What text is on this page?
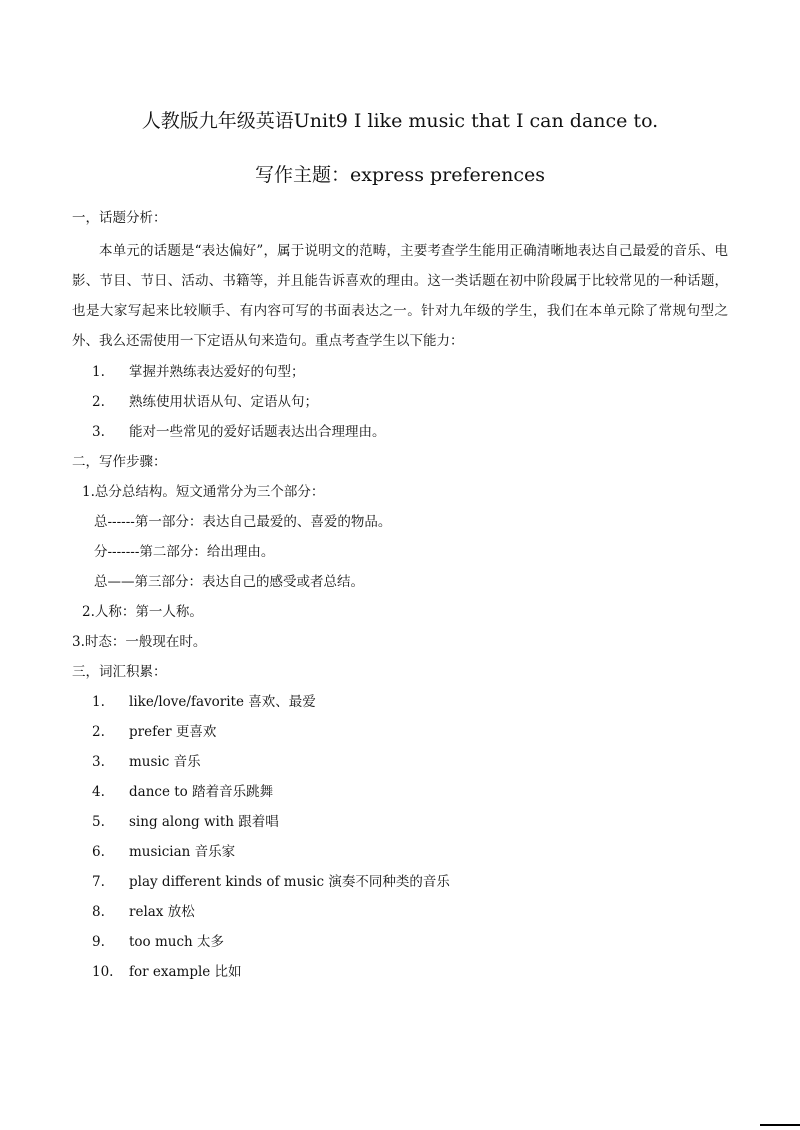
人教版九年级英语Unit9 I like music that I can dance to.
写作主题：express preferences
一，话题分析：
本单元的话题是“表达偏好”，属于说明文的范畴，主要考查学生能用正确清晰地表达自己最爱的音乐、电影、节目、节日、活动、书籍等，并且能告诉喜欢的理由。这一类话题在初中阶段属于比较常见的一种话题，也是大家写起来比较顺手、有内容可写的书面表达之一。针对九年级的学生，我们在本单元除了常规句型之外、我么还需使用一下定语从句来造句。重点考查学生以下能力：
1.	掌握并熟练表达爱好的句型；
2.	熟练使用状语从句、定语从句；
3.	能对一些常见的爱好话题表达出合理理由。
二，写作步骤：
1.总分总结构。短文通常分为三个部分：
总------第一部分：表达自己最爱的、喜爱的物品。
分-------第二部分：给出理由。
总——第三部分：表达自己的感受或者总结。
2.人称：第一人称。
3.时态：一般现在时。
三，词汇积累：
1.	like/love/favorite 喜欢、最爱
2.	prefer 更喜欢
3.	music 音乐
4.	dance to 踏着音乐跳舞
5.	sing along with 跟着唱
6.	musician 音乐家
7.	play different kinds of music 演奏不同种类的音乐
8.	relax 放松
9.	too much 太多
10.	for example 比如
